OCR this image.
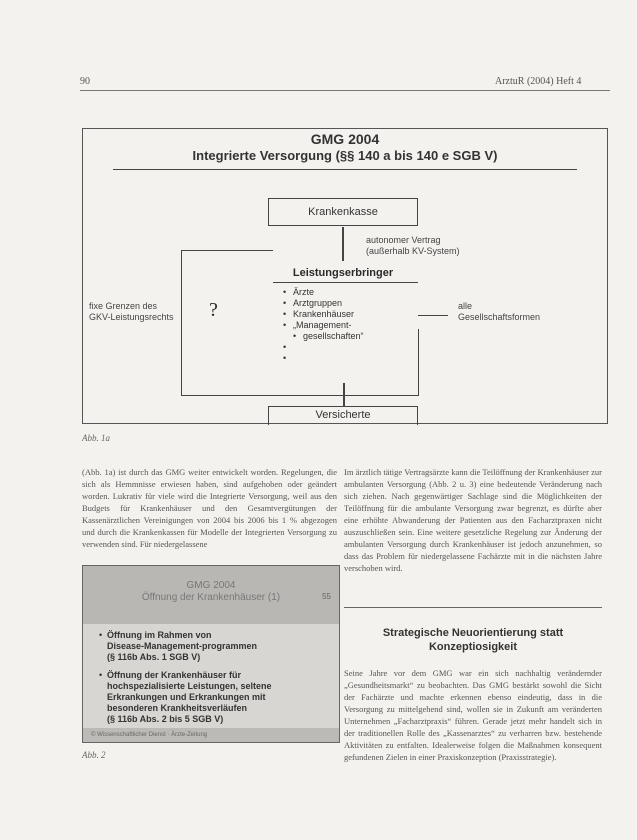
90	ArztuR (2004) Heft 4
GMG 2004
Integrierte Versorgung (§§ 140 a bis 140 e SGB V)
Krankenkasse
autonomer Vertrag
(außerhalb KV-System)
Leistungserbringer
• Ärzte
• Arztgruppen
• Krankenhäuser
• „Management-
• gesellschaften“
•
•
fixe Grenzen des
GKV-Leistungsrechts ?	alle
Gesellschaftsformen
Versicherte
Abb. 1a
(Abb. 1a) ist durch das GMG weiter entwickelt worden. Regelungen, die sich als Hemmnisse erwiesen haben, sind aufgehoben oder geändert worden. Lukrativ für viele wird die Integrierte Versorgung, weil aus den Budgets für Krankenhäuser und den Gesamtvergütungen der Kassenärztlichen Vereinigungen von 2004 bis 2006 bis 1 % abgezogen und durch die Krankenkassen für Modelle der Integrierten Versorgung zu verwenden sind. Für niedergelassene
GMG 2004
Öffnung der Krankenhäuser (1)	55
Öffnung im Rahmen von
Disease-Management-programmen
(§ 116b Abs. 1 SGB V)
•
Öffnung der Krankenhäuser für
hochspezialisierte Leistungen, seltene
Erkrankungen und Erkrankungen mit
besonderen Krankheitsverläufen
(§ 116b Abs. 2 bis 5 SGB V)
•
© Wissenschaftlicher Dienst · Ärzte-Zeitung
Abb. 2
Im ärztlich tätige Vertragsärzte kann die Teilöffnung der Krankenhäuser zur ambulanten Versorgung (Abb. 2 u. 3) eine bedeutende Veränderung nach sich ziehen. Nach gegenwärtiger Sachlage sind die Möglichkeiten der Teilöffnung für die ambulante Versorgung zwar begrenzt, es dürfte aber eine erhöhte Abwanderung der Patienten aus den Facharztpraxen nicht auszuschließen sein. Eine weitere gesetzliche Regelung zur Änderung der ambulanten Versorgung durch Krankenhäuser ist jedoch anzunehmen, so dass das Problem für niedergelassene Fachärzte mit in die nächsten Jahre verschoben wird.
Strategische Neuorientierung statt
Konzeptiosigkeit
Seine Jahre vor dem GMG war ein sich nachhaltig verändernder „Gesundheitsmarkt“ zu beobachten. Das GMG bestärkt sowohl die Sicht der Fachärzte und machte erkennen ebenso eindeutig, dass in die Versorgung zu mittelgehend sind, wollen sie in Zukunft am veränderten Unternehmen „Facharztpraxis“ führen. Gerade jetzt mehr handelt sich in der traditionellen Rolle des „Kassenarztes“ zu verharren bzw. bestehende Aktivitäten zu entfalten. Idealerweise folgen die Maßnahmen konsequent gefundenen Zielen in einer Praxiskonzeption (Praxisstrategie).
